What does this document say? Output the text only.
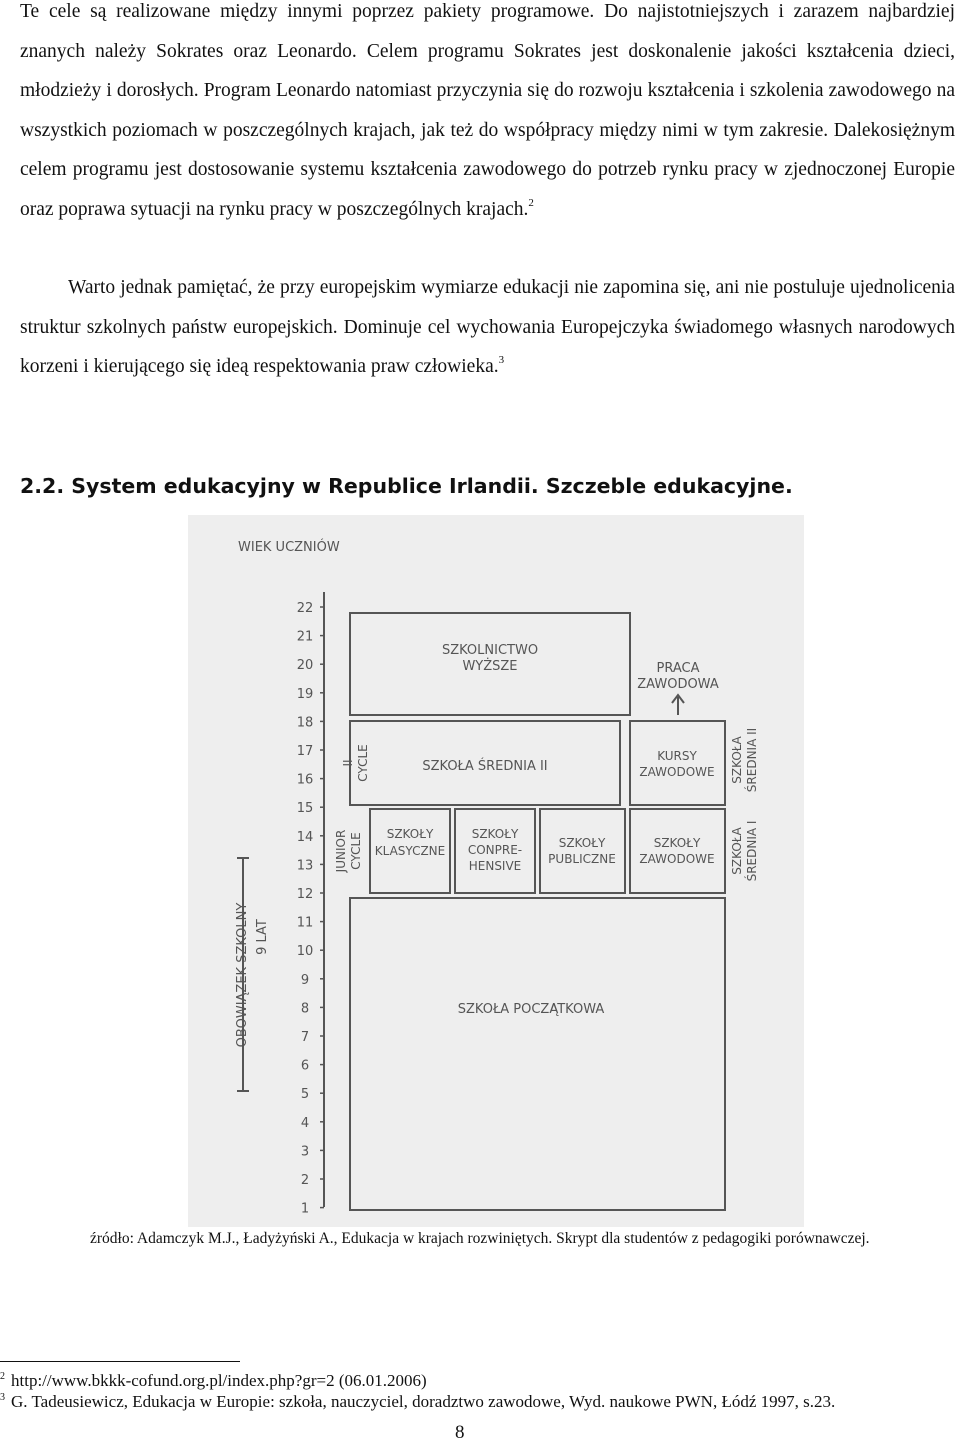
Te cele są realizowane między innymi poprzez pakiety programowe. Do najistotniejszych i zarazem najbardziej znanych należy Sokrates oraz Leonardo. Celem programu Sokrates jest doskonalenie jakości kształcenia dzieci, młodzieży i dorosłych. Program Leonardo natomiast przyczynia się do rozwoju kształcenia i szkolenia zawodowego na wszystkich poziomach w poszczególnych krajach, jak też do współpracy między nimi w tym zakresie. Dalekosiężnym celem programu jest dostosowanie systemu kształcenia zawodowego do potrzeb rynku pracy w zjednoczonej Europie oraz poprawa sytuacji na rynku pracy w poszczególnych krajach.$^2$

Warto jednak pamiętać, że przy europejskim wymiarze edukacji nie zapomina się, ani nie postuluje ujednolicenia struktur szkolnych państw europejskich. Dominuje cel wychowania Europejczyka świadomego własnych narodowych korzeni i kierującego się ideą respektowania praw człowieka.$^3$

2.2. System edukacyjny w Republice Irlandii. Szczeble edukacyjne.
22
21
20
19
18
17
16
15
14
13
12
11
10
9
8
7
6
5
4
3
2
1
WIEK UCZNIÓW
OBOWIĄZEK SZKOLNY 9 LAT
II CYCLE
JUNIOR CYCLE
SZKOLNICTWO
WYŻSZE	PRACA
ZAWODOWA
SZKOŁA ŚREDNIA II
KURSY
ZAWODOWE SZKOŁA ŚREDNIA II
SZKOŁY
KLASYCZNE
SZKOŁY
CONPRE-
HENSIVE
SZKOŁY
PUBLICZNE
SZKOŁY
ZAWODOWE SZKOŁA ŚREDNIA I
SZKOŁA POCZĄTKOWA

źródło: Adamczyk M.J., Ładyżyński A., Edukacja w krajach rozwiniętych. Skrypt dla studentów z pedagogiki porównawczej.

$^2$ http://www.bkkk-cofund.org.pl/index.php?gr=2 (06.01.2006)

$^3$ G. Tadeusiewicz, Edukacja w Europie: szkoła, nauczyciel, doradztwo zawodowe, Wyd. naukowe PWN, Łódź 1997, s.23.

8
